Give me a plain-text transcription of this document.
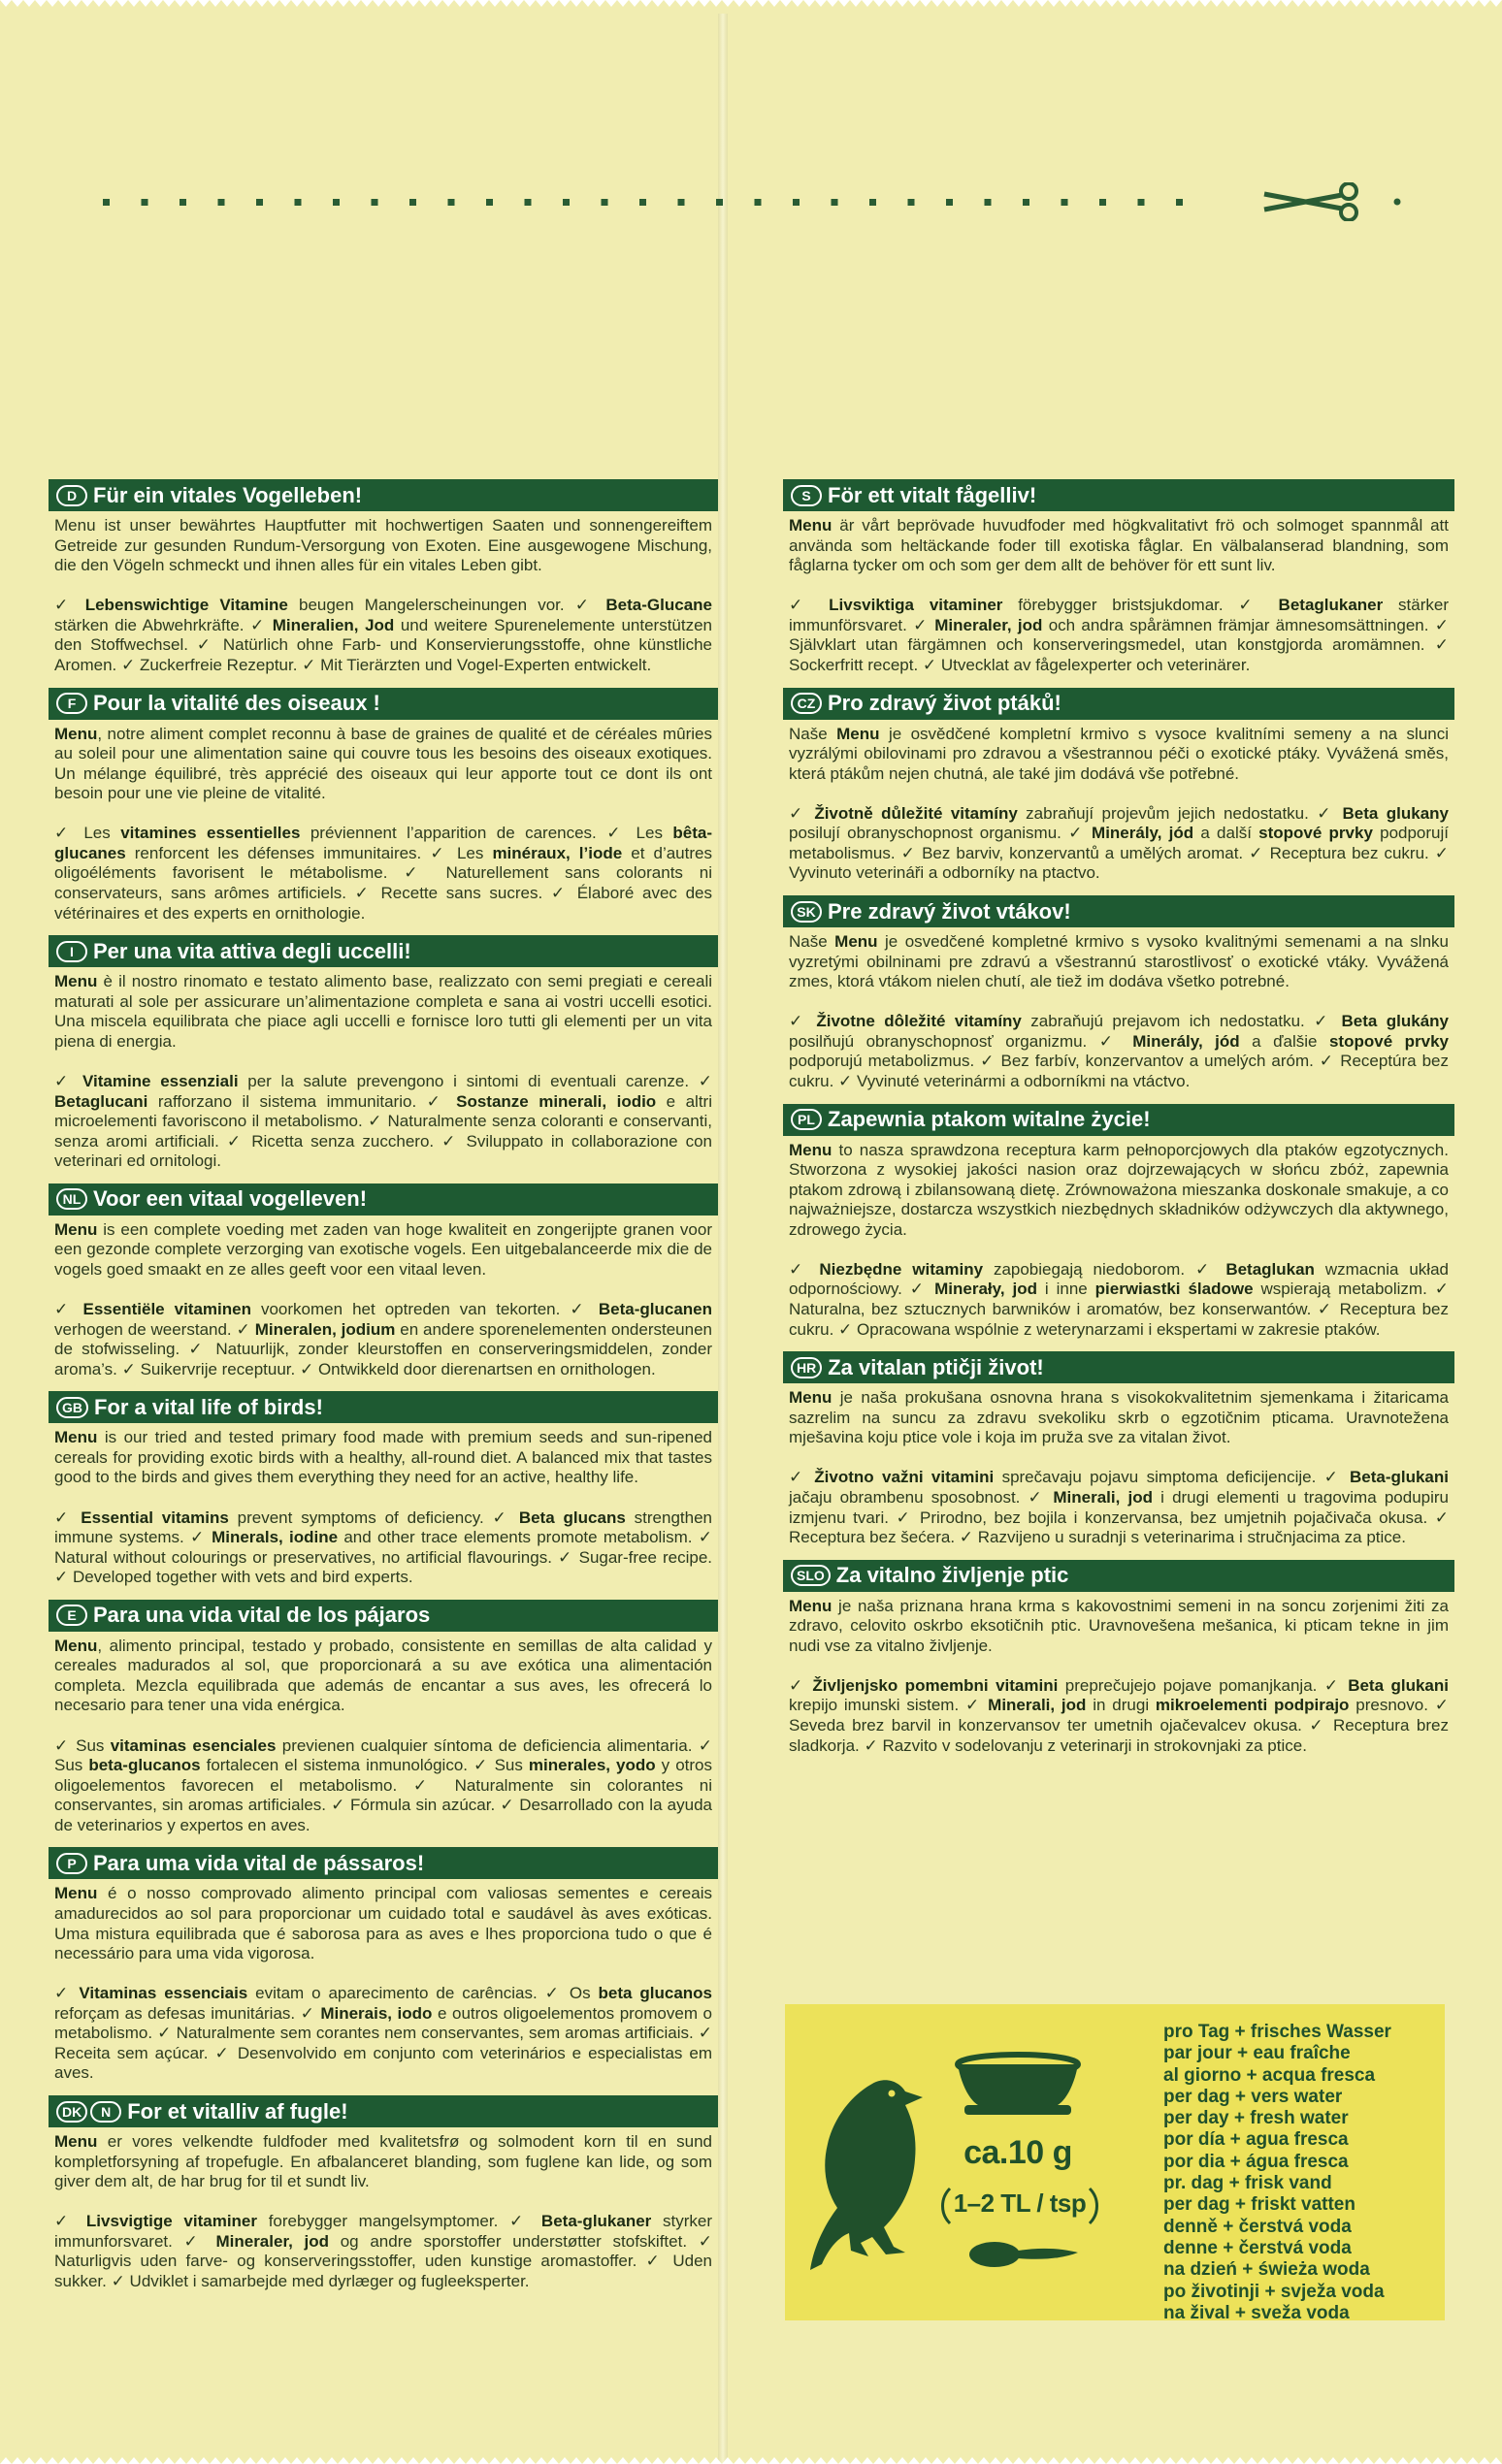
D Für ein vitales Vogelleben!

Menu ist unser bewährtes Hauptfutter mit hochwertigen Saaten und sonnengereiftem Getreide zur gesunden Rundum-Versorgung von Exoten. Eine ausgewogene Mischung, die den Vögeln schmeckt und ihnen alles für ein vitales Leben gibt.

✓ Lebenswichtige Vitamine beugen Mangelerscheinungen vor. ✓ Beta-Glucane stärken die Abwehrkräfte. ✓ Mineralien, Jod und weitere Spurenelemente unterstützen den Stoffwechsel. ✓ Natürlich ohne Farb- und Konservierungsstoffe, ohne künstliche Aromen. ✓ Zuckerfreie Rezeptur. ✓ Mit Tierärzten und Vogel-Experten entwickelt.

F Pour la vitalité des oiseaux !

Menu, notre aliment complet reconnu à base de graines de qualité et de céréales mûries au soleil pour une alimentation saine qui couvre tous les besoins des oiseaux exotiques. Un mélange équilibré, très apprécié des oiseaux qui leur apporte tout ce dont ils ont besoin pour une vie pleine de vitalité.

✓ Les vitamines essentielles préviennent l’apparition de carences. ✓ Les bêta-glucanes renforcent les défenses immunitaires. ✓ Les minéraux, l’iode et d’autres oligoéléments favorisent le métabolisme. ✓ Naturellement sans colorants ni conservateurs, sans arômes artificiels. ✓ Recette sans sucres. ✓ Élaboré avec des vétérinaires et des experts en ornithologie.

I Per una vita attiva degli uccelli!

Menu è il nostro rinomato e testato alimento base, realizzato con semi pregiati e cereali maturati al sole per assicurare un’alimentazione completa e sana ai vostri uccelli esotici. Una miscela equilibrata che piace agli uccelli e fornisce loro tutti gli elementi per un vita piena di energia.

✓ Vitamine essenziali per la salute prevengono i sintomi di eventuali carenze. ✓ Betaglucani rafforzano il sistema immunitario. ✓ Sostanze minerali, iodio e altri microelementi favoriscono il metabolismo. ✓ Naturalmente senza coloranti e conservanti, senza aromi artificiali. ✓ Ricetta senza zucchero. ✓ Sviluppato in collaborazione con veterinari ed ornitologi.

NL Voor een vitaal vogelleven!

Menu is een complete voeding met zaden van hoge kwaliteit en zongerijpte granen voor een gezonde complete verzorging van exotische vogels. Een uitgebalanceerde mix die de vogels goed smaakt en ze alles geeft voor een vitaal leven.

✓ Essentiële vitaminen voorkomen het optreden van tekorten. ✓ Beta-glucanen verhogen de weerstand. ✓ Mineralen, jodium en andere sporenelementen ondersteunen de stofwisseling. ✓ Natuurlijk, zonder kleurstoffen en conserveringsmiddelen, zonder aroma’s. ✓ Suikervrije receptuur. ✓ Ontwikkeld door dierenartsen en ornithologen.

GB For a vital life of birds!

Menu is our tried and tested primary food made with premium seeds and sun-ripened cereals for providing exotic birds with a healthy, all-round diet. A balanced mix that tastes good to the birds and gives them everything they need for an active, healthy life.

✓ Essential vitamins prevent symptoms of deficiency. ✓ Beta glucans strengthen immune systems. ✓ Minerals, iodine and other trace elements promote metabolism. ✓ Natural without colourings or preservatives, no artificial flavourings. ✓ Sugar-free recipe. ✓ Developed together with vets and bird experts.

E Para una vida vital de los pájaros

Menu, alimento principal, testado y probado, consistente en semillas de alta calidad y cereales madurados al sol, que proporcionará a su ave exótica una alimentación completa. Mezcla equilibrada que además de encantar a sus aves, les ofrecerá lo necesario para tener una vida enérgica.

✓ Sus vitaminas esenciales previenen cualquier síntoma de deficiencia alimentaria. ✓ Sus beta-glucanos fortalecen el sistema inmunológico. ✓ Sus minerales, yodo y otros oligoelementos favorecen el metabolismo. ✓ Naturalmente sin colorantes ni conservantes, sin aromas artificiales. ✓ Fórmula sin azúcar. ✓ Desarrollado con la ayuda de veterinarios y expertos en aves.

P Para uma vida vital de pássaros!

Menu é o nosso comprovado alimento principal com valiosas sementes e cereais amadurecidos ao sol para proporcionar um cuidado total e saudável às aves exóticas. Uma mistura equilibrada que é saborosa para as aves e lhes proporciona tudo o que é necessário para uma vida vigorosa.

✓ Vitaminas essenciais evitam o aparecimento de carências. ✓ Os beta glucanos reforçam as defesas imunitárias. ✓ Minerais, iodo e outros oligoelementos promovem o metabolismo. ✓ Naturalmente sem corantes nem conservantes, sem aromas artificiais. ✓ Receita sem açúcar. ✓ Desenvolvido em conjunto com veterinários e especialistas em aves.

DK	N For et vitalliv af fugle!

Menu er vores velkendte fuldfoder med kvalitetsfrø og solmodent korn til en sund kompletforsyning af tropefugle. En afbalanceret blanding, som fuglene kan lide, og som giver dem alt, de har brug for til et sundt liv.

✓ Livsvigtige vitaminer forebygger mangelsymptomer. ✓ Beta-glukaner styrker immunforsvaret. ✓ Mineraler, jod og andre sporstoffer understøtter stofskiftet. ✓ Naturligvis uden farve- og konserveringsstoffer, uden kunstige aromastoffer. ✓ Uden sukker. ✓ Udviklet i samarbejde med dyrlæger og fugleeksperter.

S För ett vitalt fågelliv!

Menu är vårt beprövade huvudfoder med högkvalitativt frö och solmoget spannmål att använda som heltäckande foder till exotiska fåglar. En välbalanserad blandning, som fåglarna tycker om och som ger dem allt de behöver för ett sunt liv.

✓ Livsviktiga vitaminer förebygger bristsjukdomar. ✓ Betaglukaner stärker immunförsvaret. ✓ Mineraler, jod och andra spårämnen främjar ämnesomsättningen. ✓ Självklart utan färgämnen och konserveringsmedel, utan konstgjorda aromämnen. ✓ Sockerfritt recept. ✓ Utvecklat av fågelexperter och veterinärer.

CZ Pro zdravý život ptáků!

Naše Menu je osvědčené kompletní krmivo s vysoce kvalitními semeny a na slunci vyzrálými obilovinami pro zdravou a všestrannou péči o exotické ptáky. Vyvážená směs, která ptákům nejen chutná, ale také jim dodává vše potřebné.

✓ Životně důležité vitamíny zabraňují projevům jejich nedostatku. ✓ Beta glukany posilují obranyschopnost organismu. ✓ Minerály, jód a další stopové prvky podporují metabolismus. ✓ Bez barviv, konzervantů a umělých aromat. ✓ Receptura bez cukru. ✓ Vyvinuto veterináři a odborníky na ptactvo.

SK Pre zdravý život vtákov!

Naše Menu je osvedčené kompletné krmivo s vysoko kvalitnými semenami a na slnku vyzretými obilninami pre zdravú a všestrannú starostlivosť o exotické vtáky. Vyvážená zmes, ktorá vtákom nielen chutí, ale tiež im dodáva všetko potrebné.

✓ Životne dôležité vitamíny zabraňujú prejavom ich nedostatku. ✓ Beta glukány posilňujú obranyschopnosť organizmu. ✓ Minerály, jód a ďalšie stopové prvky podporujú metabolizmus. ✓ Bez farbív, konzervantov a umelých aróm. ✓ Receptúra bez cukru. ✓ Vyvinuté veterinármi a odborníkmi na vtáctvo.

PL Zapewnia ptakom witalne życie!

Menu to nasza sprawdzona receptura karm pełnoporcjowych dla ptaków egzotycznych. Stworzona z wysokiej jakości nasion oraz dojrzewających w słońcu zbóż, zapewnia ptakom zdrową i zbilansowaną dietę. Zrównoważona mieszanka doskonale smakuje, a co najważniejsze, dostarcza wszystkich niezbędnych składników odżywczych dla aktywnego, zdrowego życia.

✓ Niezbędne witaminy zapobiegają niedoborom. ✓ Betaglukan wzmacnia układ odpornościowy. ✓ Minerały, jod i inne pierwiastki śladowe wspierają metabolizm. ✓ Naturalna, bez sztucznych barwników i aromatów, bez konserwantów. ✓ Receptura bez cukru. ✓ Opracowana wspólnie z weterynarzami i ekspertami w zakresie ptaków.

HR Za vitalan ptičji život!

Menu je naša prokušana osnovna hrana s visokokvalitetnim sjemenkama i žitaricama sazrelim na suncu za zdravu svekoliku skrb o egzotičnim pticama. Uravnotežena mješavina koju ptice vole i koja im pruža sve za vitalan život.

✓ Životno važni vitamini sprečavaju pojavu simptoma deficijencije. ✓ Beta-glukani jačaju obrambenu sposobnost. ✓ Minerali, jod i drugi elementi u tragovima podupiru izmjenu tvari. ✓ Prirodno, bez bojila i konzervansa, bez umjetnih pojačivača okusa. ✓ Receptura bez šećera. ✓ Razvijeno u suradnji s veterinarima i stručnjacima za ptice.

SLO Za vitalno življenje ptic

Menu je naša priznana hrana krma s kakovostnimi semeni in na soncu zorjenimi žiti za zdravo, celovito oskrbo eksotičnih ptic. Uravnovešena mešanica, ki pticam tekne in jim nudi vse za vitalno življenje.

✓ Življenjsko pomembni vitamini preprečujejo pojave pomanjkanja. ✓ Beta glukani krepijo imunski sistem. ✓ Minerali, jod in drugi mikroelementi podpirajo presnovo. ✓ Seveda brez barvil in konzervansov ter umetnih ojačevalcev okusa. ✓ Receptura brez sladkorja. ✓ Razvito v sodelovanju z veterinarji in strokovnjaki za ptice.

ca.10 g
1–2 TL / tsp
pro Tag + frisches Wasser
par jour + eau fraîche
al giorno + acqua fresca
per dag + vers water
per day + fresh water
por día + agua fresca
por dia + água fresca
pr. dag + frisk vand
per dag + friskt vatten
denně + čerstvá voda
denne + čerstvá voda
na dzień + świeża woda
po životinji + svježa voda
na žival + sveža voda
